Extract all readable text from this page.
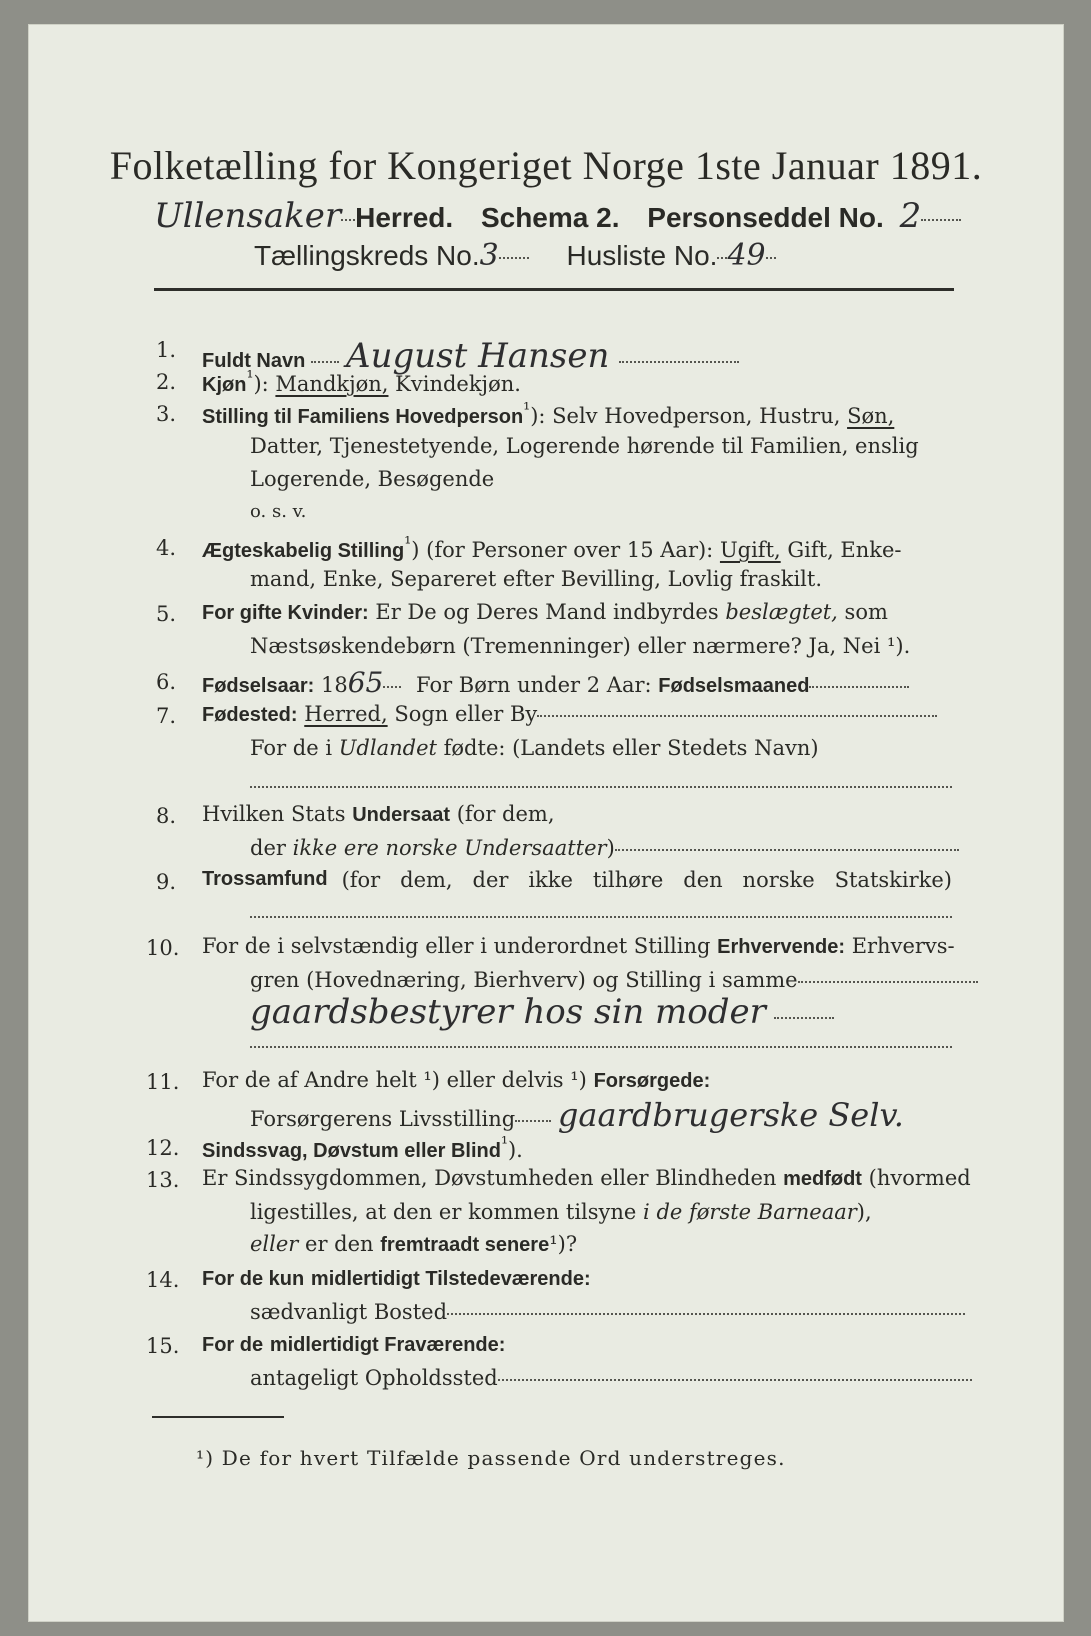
Folketælling for Kongeriget Norge 1ste Januar 1891.
Ullensaker Herred. Schema 2. Personseddel No. 2
Tællingskreds No.3 Husliste No. 49
1. Fuldt Navn August Hansen
2. Kjøn$^{^1}$): Mandkjøn, Kvindekjøn.
3. Stilling til Familiens Hovedperson$^{^1}$): Selv Hovedperson, Hustru, Søn,
Datter, Tjenestetyende, Logerende hørende til Familien, enslig
Logerende, Besøgende
o. s. v.
4. Ægteskabelig Stilling$^{^1}$) (for Personer over 15 Aar): Ugift, Gift, Enke-
mand, Enke, Separeret efter Bevilling, Lovlig fraskilt.
5. For gifte Kvinder: Er De og Deres Mand indbyrdes beslægtet, som
Næstsøskendebørn (Tremenninger) eller nærmere? Ja, Nei ¹).
6. Fødselsaar: 1865 For Børn under 2 Aar: Fødselsmaaned
7. Fødested: Herred, Sogn eller By
For de i Udlandet fødte: (Landets eller Stedets Navn)
8. Hvilken Stats Undersaat (for dem,
der ikke ere norske Undersaatter)
9. Trossamfund (for dem, der ikke tilhøre den norske Statskirke)
10. For de i selvstændig eller i underordnet Stilling Erhvervende: Erhvervs-
gren (Hovednæring, Bierhverv) og Stilling i samme
gaardsbestyrer hos sin moder
11. For de af Andre helt ¹) eller delvis ¹) Forsørgede:
Forsørgerens Livsstilling gaardbrugerske Selv.
12. Sindssvag, Døvstum eller Blind$^{^1}$).
13. Er Sindssygdommen, Døvstumheden eller Blindheden medfødt (hvormed
ligestilles, at den er kommen tilsyne i de første Barneaar),
eller er den fremtraadt senere¹)?
14. For de kun midlertidigt Tilstedeværende:
sædvanligt Bosted
15. For de midlertidigt Fraværende:
antageligt Opholdssted
¹) De for hvert Tilfælde passende Ord understreges.
